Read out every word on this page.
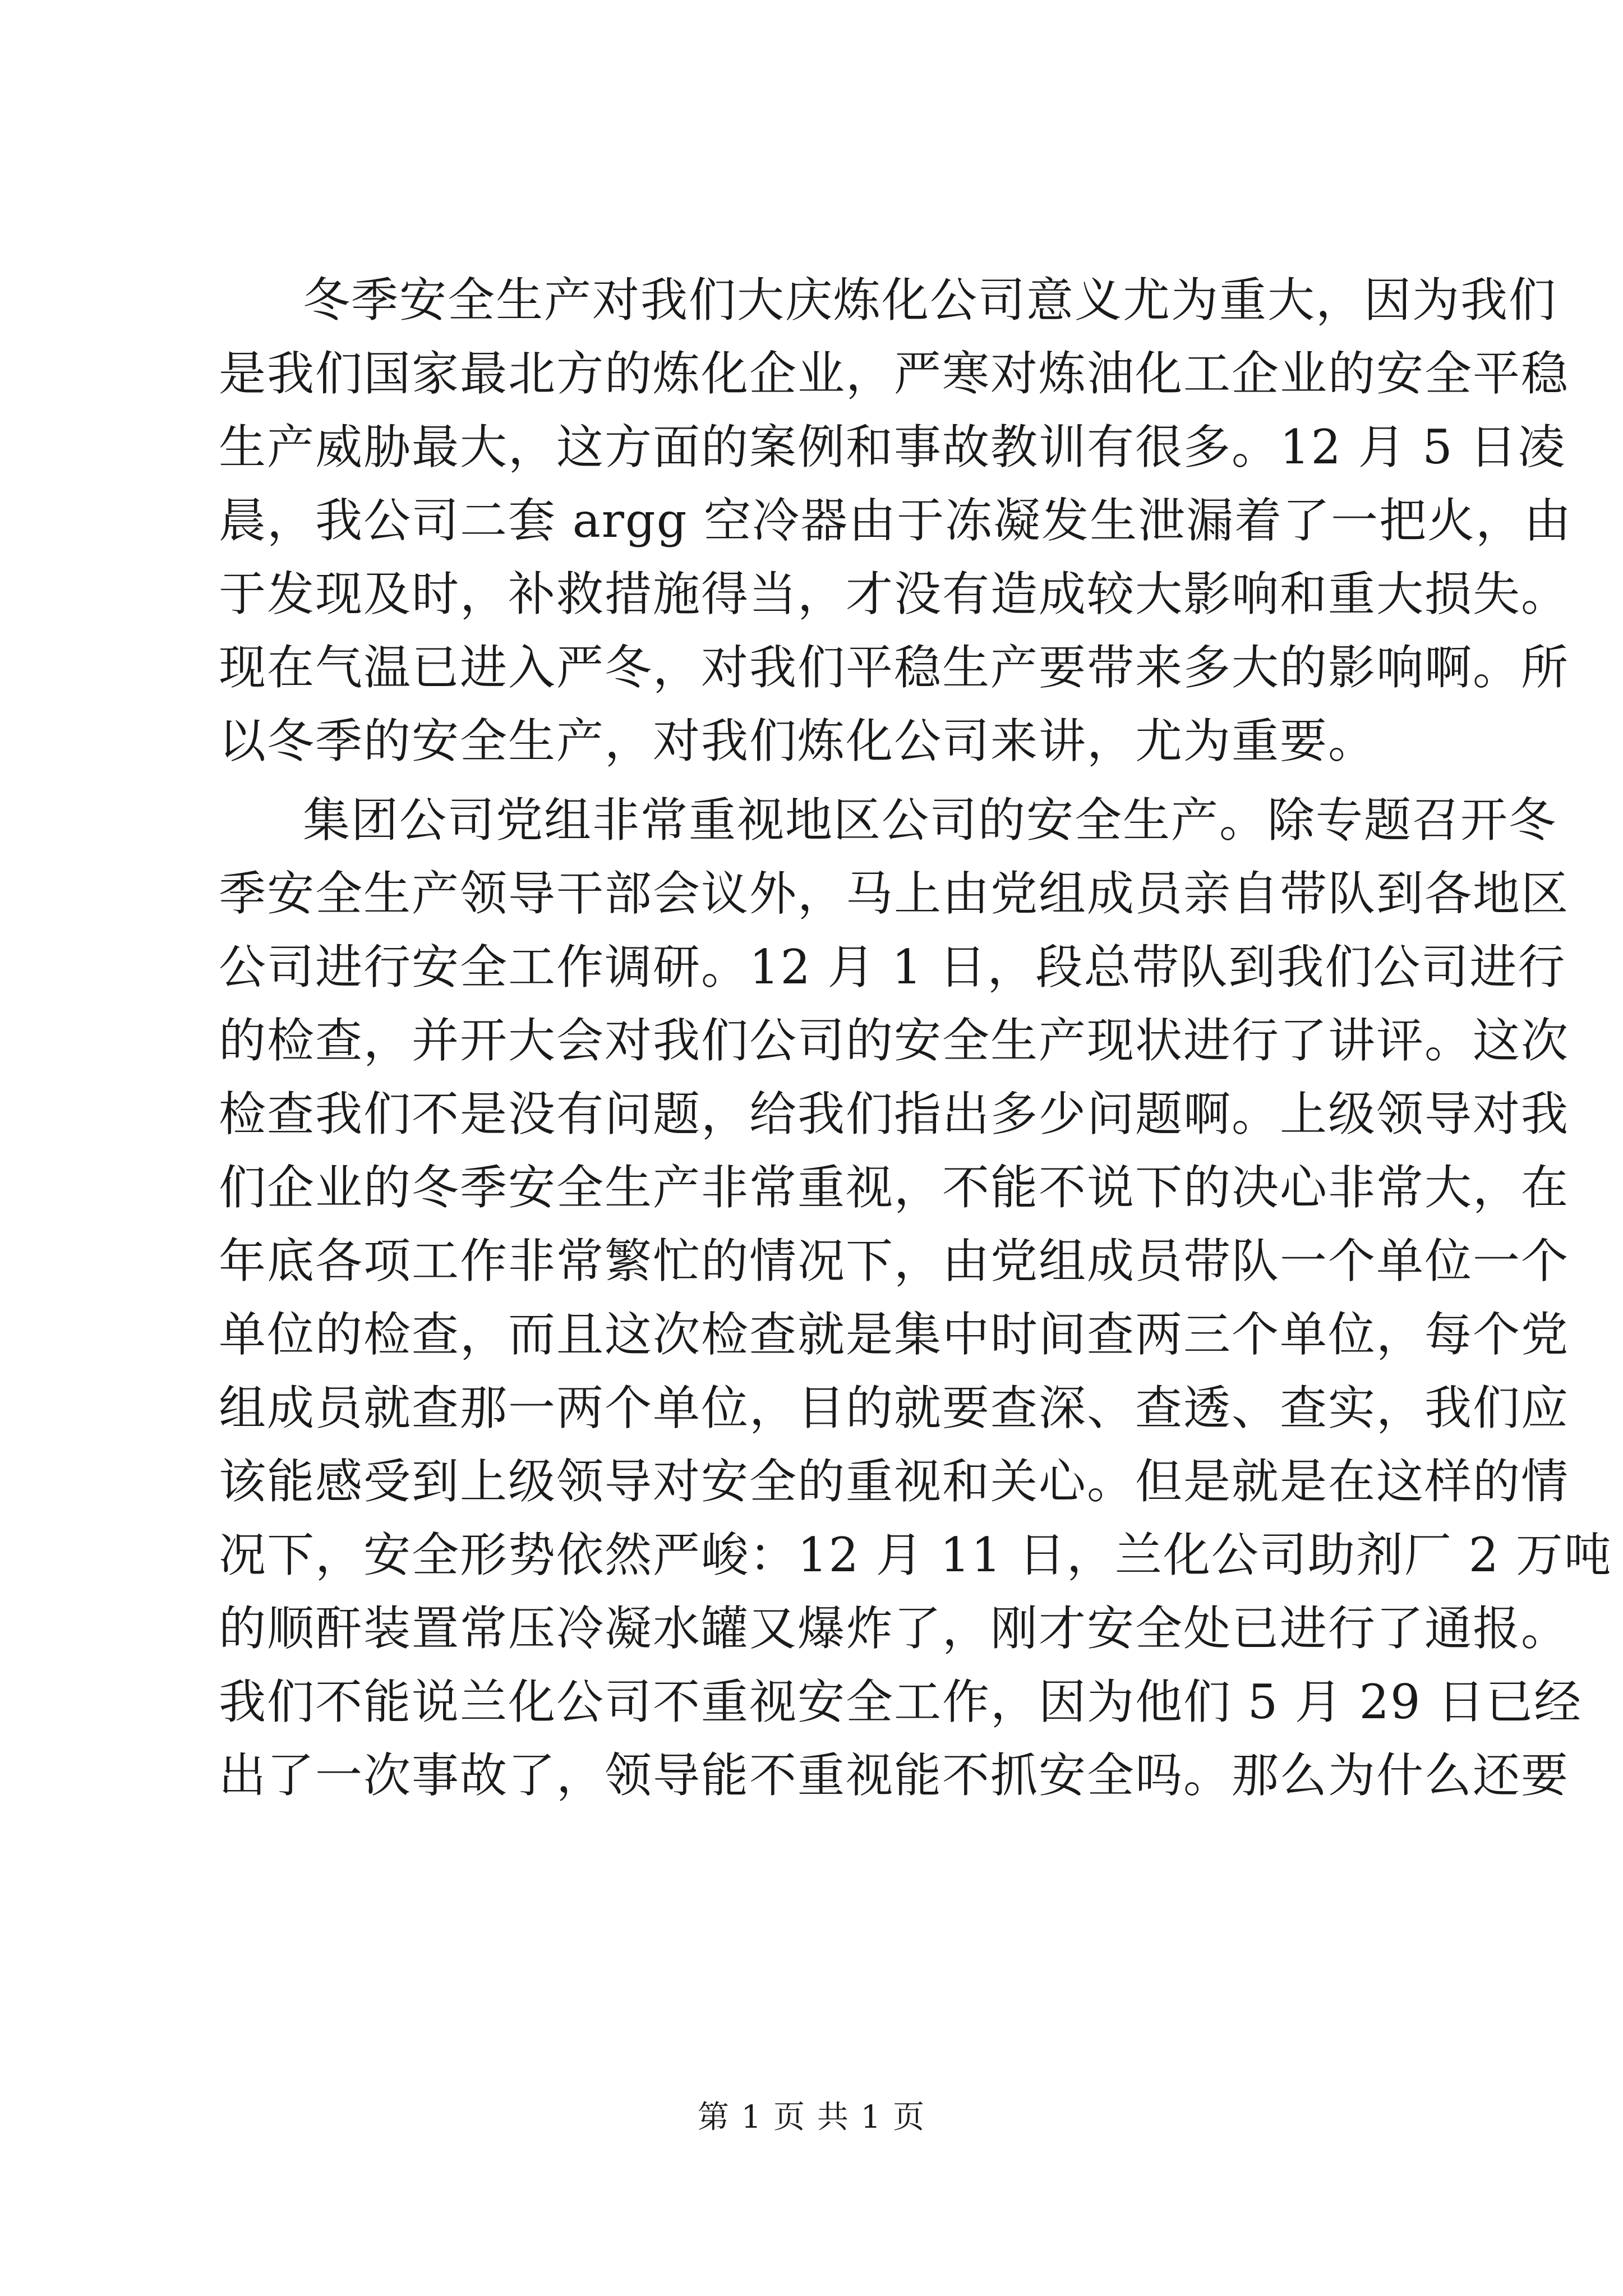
冬季安全生产对我们大庆炼化公司意义尤为重大，因为我们
是我们国家最北方的炼化企业，严寒对炼油化工企业的安全平稳
生产威胁最大，这方面的案例和事故教训有很多。12 月 5 日凌
晨，我公司二套 argg 空冷器由于冻凝发生泄漏着了一把火，由
于发现及时，补救措施得当，才没有造成较大影响和重大损失。
现在气温已进入严冬，对我们平稳生产要带来多大的影响啊。所
以冬季的安全生产，对我们炼化公司来讲，尤为重要。
集团公司党组非常重视地区公司的安全生产。除专题召开冬
季安全生产领导干部会议外，马上由党组成员亲自带队到各地区
公司进行安全工作调研。12 月 1 日，段总带队到我们公司进行
的检查，并开大会对我们公司的安全生产现状进行了讲评。这次
检查我们不是没有问题，给我们指出多少问题啊。上级领导对我
们企业的冬季安全生产非常重视，不能不说下的决心非常大，在
年底各项工作非常繁忙的情况下，由党组成员带队一个单位一个
单位的检查，而且这次检查就是集中时间查两三个单位，每个党
组成员就查那一两个单位，目的就要查深、查透、查实，我们应
该能感受到上级领导对安全的重视和关心。但是就是在这样的情
况下，安全形势依然严峻：12 月 11 日，兰化公司助剂厂 2 万吨
的顺酐装置常压冷凝水罐又爆炸了，刚才安全处已进行了通报。
我们不能说兰化公司不重视安全工作，因为他们 5 月 29 日已经
出了一次事故了，领导能不重视能不抓安全吗。那么为什么还要
第 1 页 共 1 页
